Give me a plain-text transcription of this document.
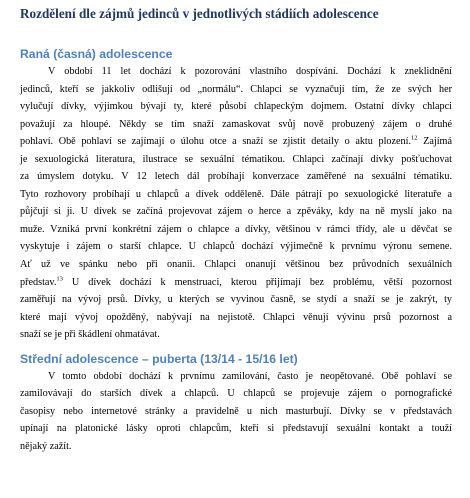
Rozdělení dle zájmů jedinců v jednotlivých stádiích adolescence
Raná (časná) adolescence
V období 11 let dochází k pozorování vlastního dospívání. Dochází k zneklidnění
jedinců, kteří se jakkoliv odlišují od „normálu“. Chlapci se vyznačují tím, že ze svých her
vylučují dívky, výjimkou bývají ty, které působí chlapeckým dojmem. Ostatní dívky chlapci
považují za hloupé. Někdy se tím snaží zamaskovat svůj nově probuzený zájem o druhé
pohlaví. Obě pohlaví se zajímají o úlohu otce a snaží se zjistit detaily o aktu plození.$^{12}$ Zajímá
je sexuologická literatura, ilustrace se sexuální tématikou. Chlapci začínají dívky pošťuchovat
za úmyslem dotyku. V 12 letech dál probíhají konverzace zaměřené na sexuální tématiku.
Tyto rozhovory probíhají u chlapců a dívek odděleně. Dále pátrají po sexuologické literatuře a
půjčují si ji. U dívek se začíná projevovat zájem o herce a zpěváky, kdy na ně myslí jako na
muže. Vzniká první konkrétní zájem o chlapce a dívky, většinou v rámci třídy, ale u děvčat se
vyskytuje i zájem o starší chlapce. U chlapců dochází výjimečně k prvnímu výronu semene.
Ať už ve spánku nebo při onanii. Chlapci onanují většinou bez průvodních sexuálních
představ.$^{13}$ U dívek dochází k menstruaci, kterou přijímají bez problému, větší pozornost
zaměřují na vývoj prsů. Dívky, u kterých se vyvinou časně, se stydí a snaží se je zakrýt, ty
které mají vývoj opožděný, nabývají na nejistotě. Chlapci věnují vývinu prsů pozornost a
snaží se je při škádlení ohmatávat.
Střední adolescence – puberta (13/14 - 15/16 let)
V tomto období dochází k prvnímu zamilování, často je neopětované. Obě pohlaví se
zamilovávají do starších dívek a chlapců. U chlapců se projevuje zájem o pornografické
časopisy nebo internetové stránky a pravidelně u nich masturbují. Dívky se v představách
upínají na platonické lásky oproti chlapcům, kteří si představují sexuální kontakt a touží
nějaký zažít.
